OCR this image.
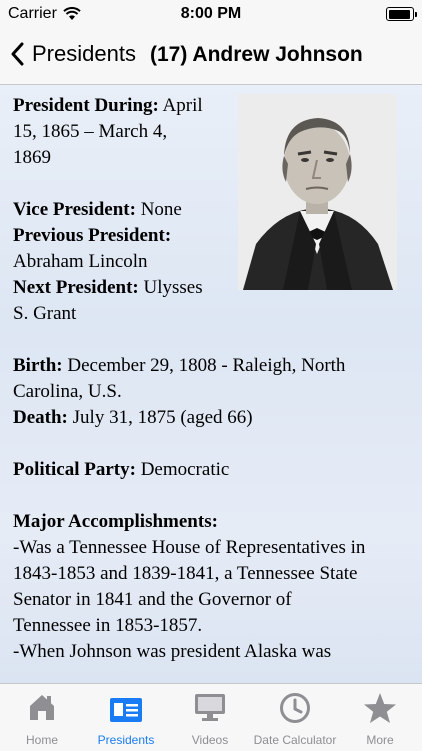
Carrier	8:00 PM
Presidents (17) Andrew Johnson

President During: April

15, 1865 – March 4,

1869

Vice President: None

Previous President:

Abraham Lincoln

Next President: Ulysses

S. Grant

Birth: December 29, 1808 - Raleigh, North

Carolina, U.S.

Death: July 31, 1875 (aged 66)

Political Party: Democratic

Major Accomplishments:

-Was a Tennessee House of Representatives in

1843-1853 and 1839-1841, a Tennessee State

Senator in 1841 and the Governor of

Tennessee in 1853-1857.

-When Johnson was president Alaska was

Home	Presidents	Videos	Date Calculator	More
